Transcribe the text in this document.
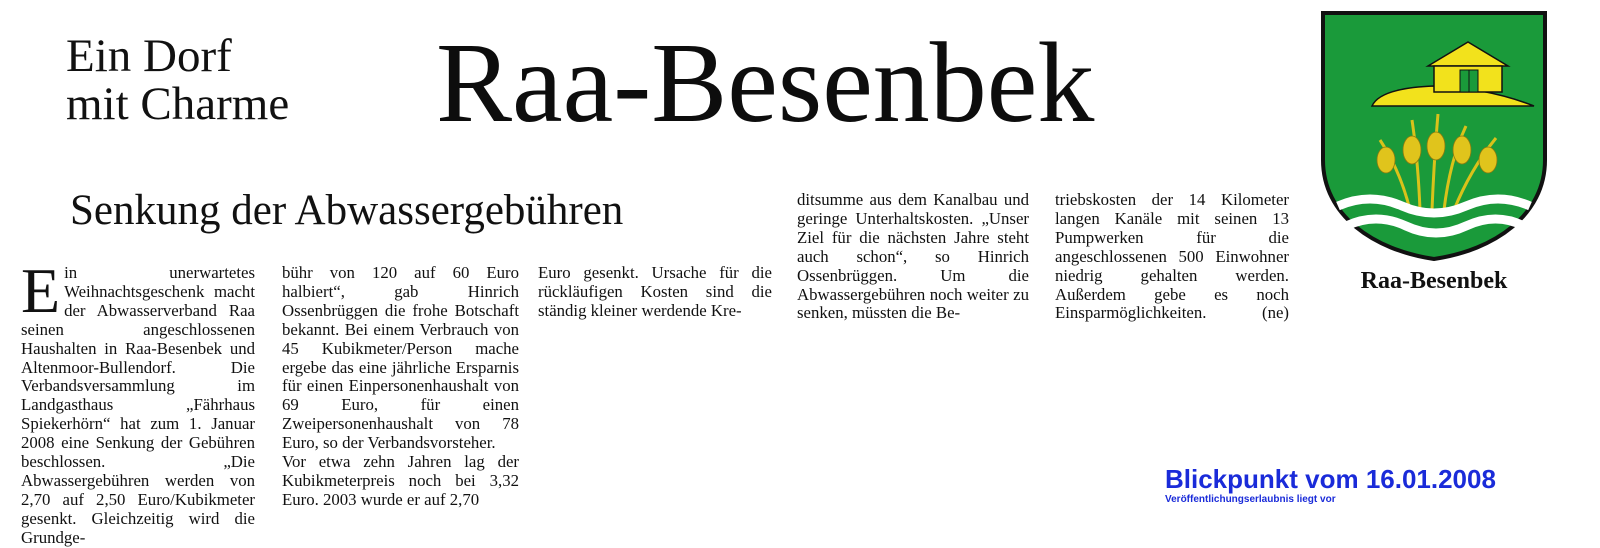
Ein Dorf
mit Charme Raa-Besenbek
Senkung der Abwassergebühren
Ein unerwartetes Weihnachtsgeschenk macht der Abwasserverband Raa seinen angeschlossenen Haushalten in Raa-Besenbek und Altenmoor-Bullendorf. Die Verbandsversammlung im Landgasthaus „Fährhaus Spiekerhörn“ hat zum 1. Januar 2008 eine Senkung der Gebühren beschlossen. „Die Abwassergebühren werden von 2,70 auf 2,50 Euro/Kubikmeter gesenkt. Gleichzeitig wird die Grundge-

bühr von 120 auf 60 Euro halbiert“, gab Hinrich Ossenbrüggen die frohe Botschaft bekannt. Bei einem Verbrauch von 45 Kubikmeter/Person mache ergebe das eine jährliche Ersparnis für einen Einpersonenhaushalt von 69 Euro, für einen Zweipersonenhaushalt von 78 Euro, so der Verbandsvorsteher.

Vor etwa zehn Jahren lag der Kubikmeterpreis noch bei 3,32 Euro. 2003 wurde er auf 2,70

Euro gesenkt. Ursache für die rückläufigen Kosten sind die ständig kleiner werdende Kre-

ditsumme aus dem Kanalbau und geringe Unterhaltskosten. „Unser Ziel für die nächsten Jahre steht auch schon“, so Hinrich Ossenbrüggen. Um die Abwassergebühren noch weiter zu senken, müssten die Be-

triebskosten der 14 Kilometer langen Kanäle mit seinen 13 Pumpwerken für die angeschlossenen 500 Einwohner niedrig gehalten werden. Außerdem gebe es noch Einsparmöglichkeiten.	(ne)

Raa-Besenbek
Blickpunkt vom 16.01.2008
Veröffentlichungserlaubnis liegt vor
